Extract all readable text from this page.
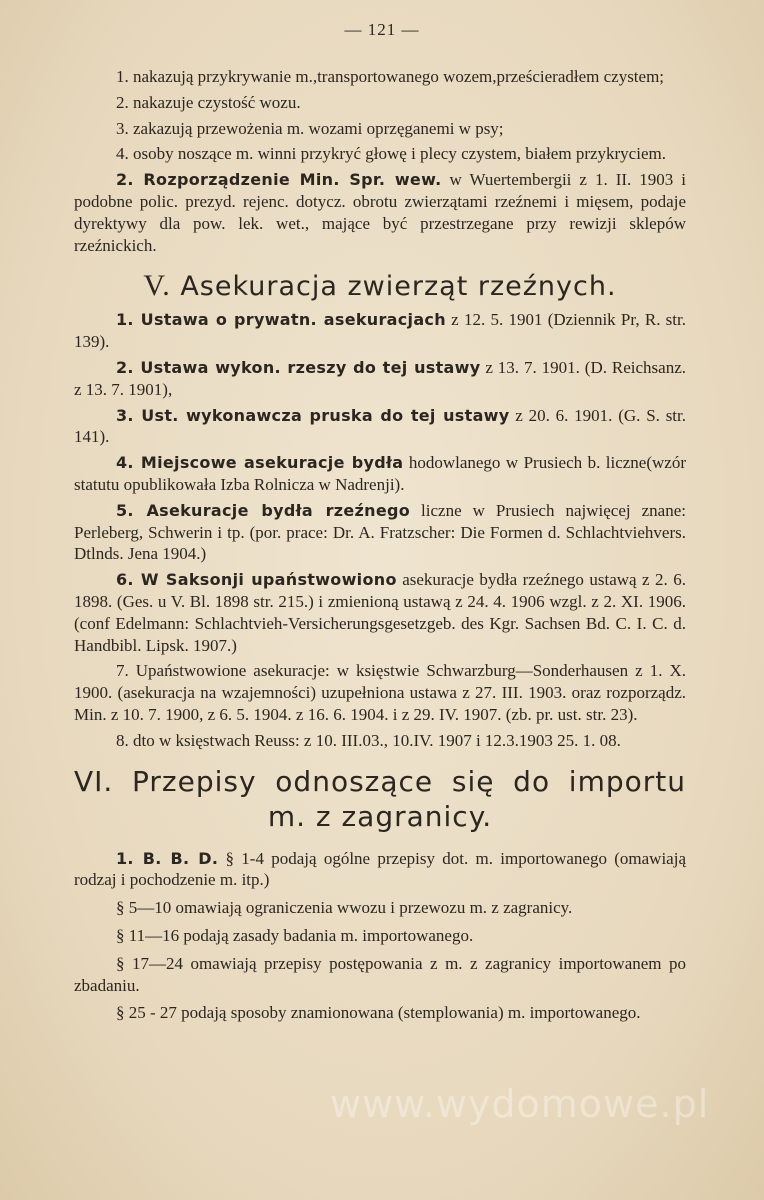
— 121 —

1. nakazują przykrywanie m.,transportowanego wozem,prześcieradłem czystem;

2. nakazuje czystość wozu.

3. zakazują przewożenia m. wozami oprzęganemi w psy;

4. osoby noszące m. winni przykryć głowę i plecy czystem, białem przykryciem.

2. Rozporządzenie Min. Spr. wew. w Wuertembergii z 1. II. 1903 i podobne polic. prezyd. rejenc. dotycz. obrotu zwierzątami rzeźnemi i mięsem, podaje dyrektywy dla pow. lek. wet., mające być przestrzegane przy rewizji sklepów rzeźnickich.

V. Asekuracja zwierząt rzeźnych.

1. Ustawa o prywatn. asekuracjach z 12. 5. 1901 (Dziennik Pr, R. str. 139).

2. Ustawa wykon. rzeszy do tej ustawy z 13. 7. 1901. (D. Reichsanz. z 13. 7. 1901),

3. Ust. wykonawcza pruska do tej ustawy z 20. 6. 1901. (G. S. str. 141).

4. Miejscowe asekuracje bydła hodowlanego w Prusiech b. liczne(wzór statutu opublikowała Izba Rolnicza w Nadrenji).

5. Asekuracje bydła rzeźnego liczne w Prusiech najwięcej znane: Perleberg, Schwerin i tp. (por. prace: Dr. A. Fratzscher: Die Formen d. Schlachtviehvers. Dtlnds. Jena 1904.)

6. W Saksonji upaństwowiono asekuracje bydła rzeźnego ustawą z 2. 6. 1898. (Ges. u V. Bl. 1898 str. 215.) i zmienioną ustawą z 24. 4. 1906 wzgl. z 2. XI. 1906. (conf Edelmann: Schlachtvieh-Versicherungsgesetzgeb. des Kgr. Sachsen Bd. C. I. C. d. Handbibl. Lipsk. 1907.)

7. Upaństwowione asekuracje: w księstwie Schwarzburg—Sonderhausen z 1. X. 1900. (asekuracja na wzajemności) uzupełniona ustawa z 27. III. 1903. oraz rozporządz. Min. z 10. 7. 1900, z 6. 5. 1904. z 16. 6. 1904. i z 29. IV. 1907. (zb. pr. ust. str. 23).

8. dto w księstwach Reuss: z 10. III.03., 10.IV. 1907 i 12.3.1903 25. 1. 08.

VI. Przepisy odnoszące się do importu
m. z zagranicy.

1. B. B. D. § 1-4 podają ogólne przepisy dot. m. importowanego (omawiają rodzaj i pochodzenie m. itp.)

§ 5—10 omawiają ograniczenia wwozu i przewozu m. z zagranicy.

§ 11—16 podają zasady badania m. importowanego.

§ 17—24 omawiają przepisy postępowania z m. z zagranicy importowanem po zbadaniu.

§ 25 - 27 podają sposoby znamionowana (stemplowania) m. importowanego.

www.wydomowe.pl
